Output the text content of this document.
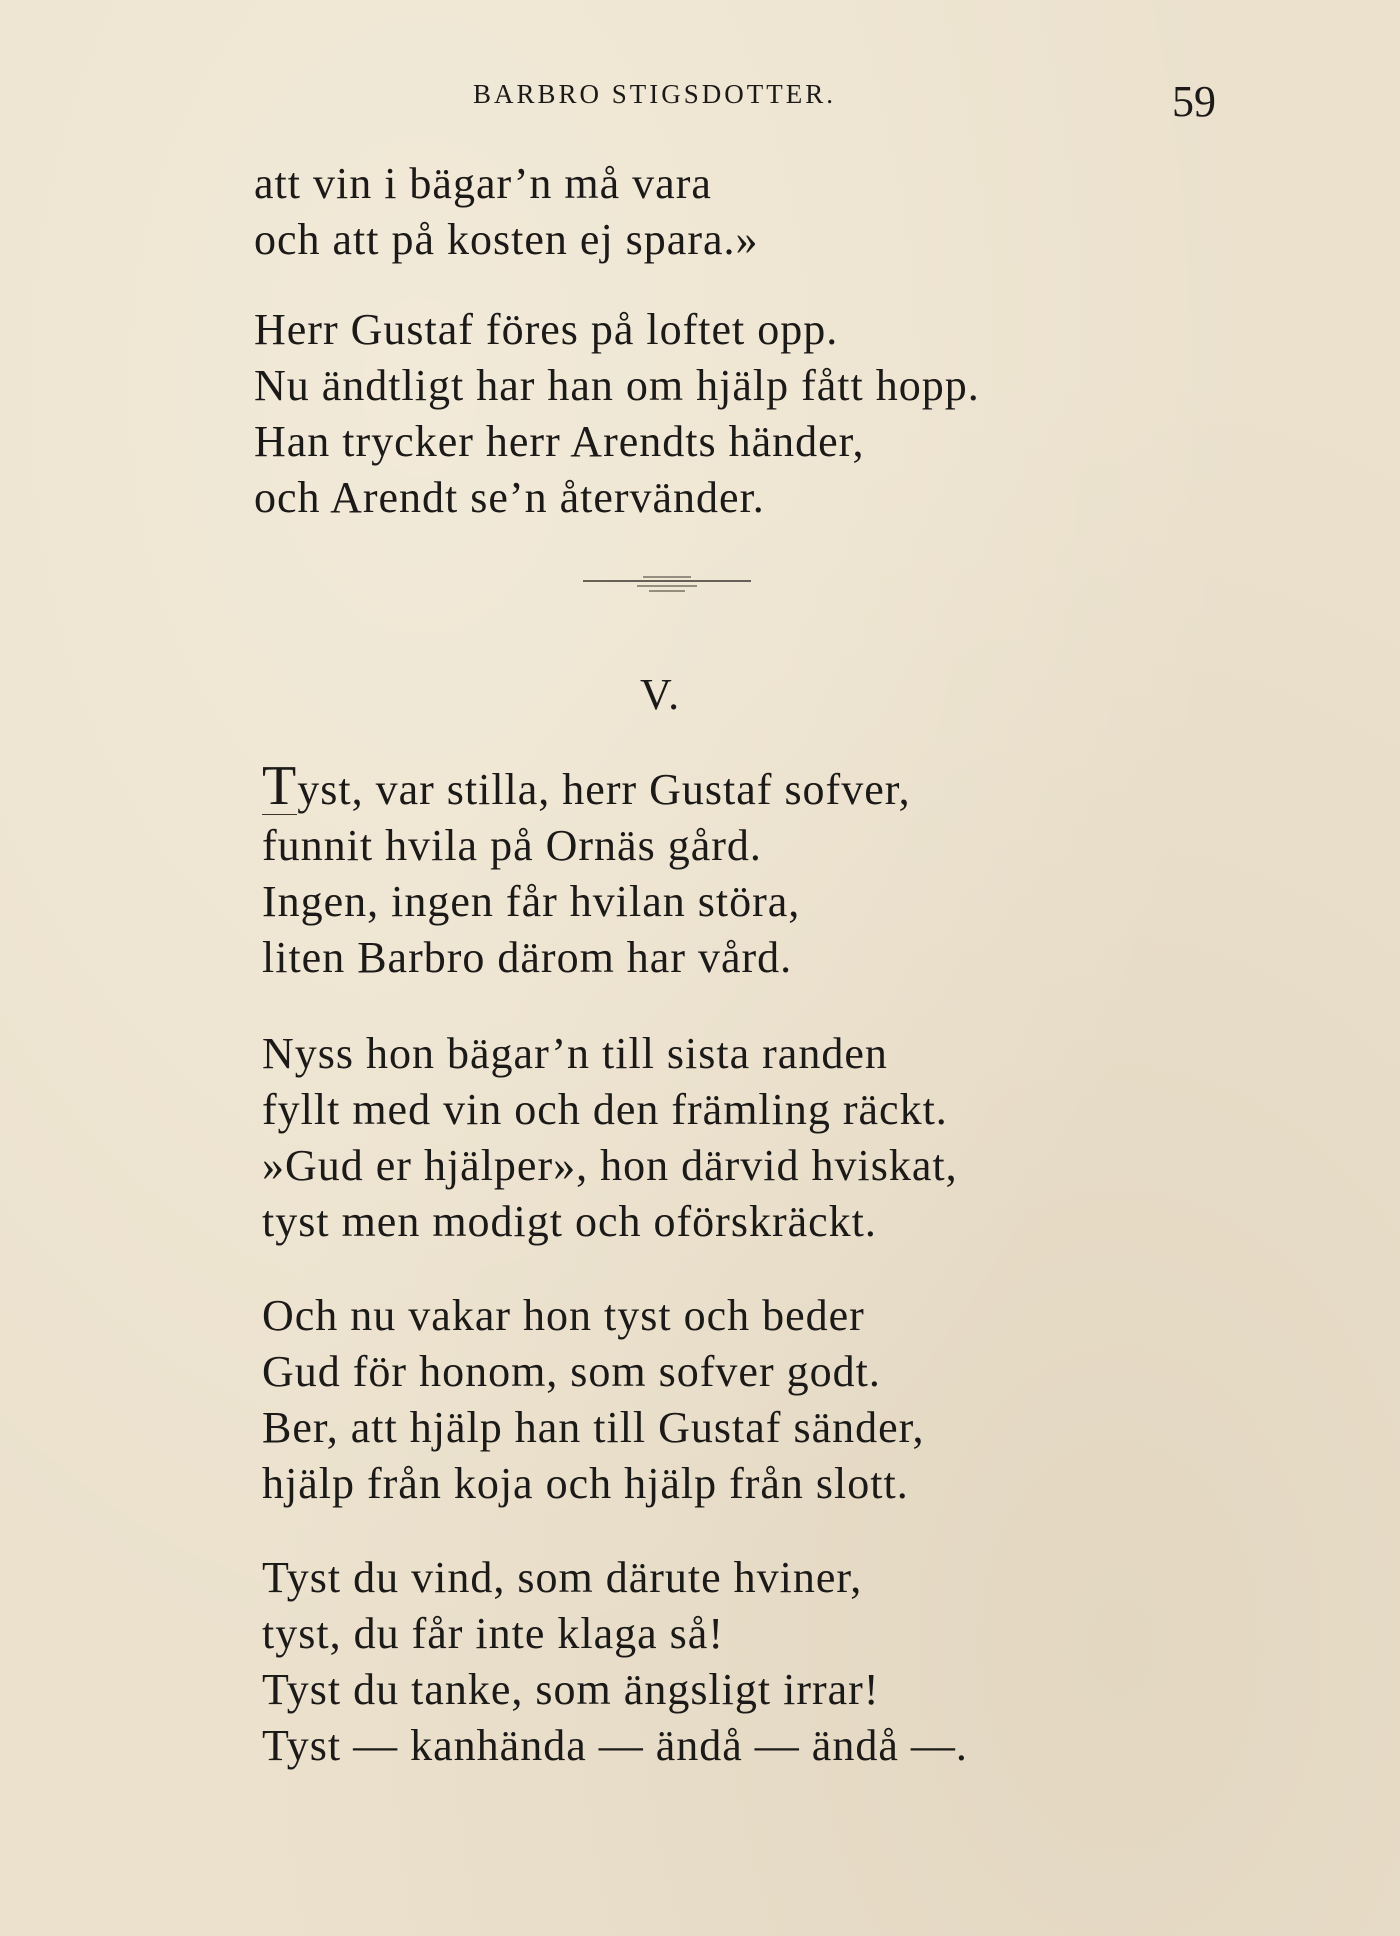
BARBRO STIGSDOTTER.	59
att vin i bägar’n må vara
och att på kosten ej spara.»
Herr Gustaf föres på loftet opp.
Nu ändtligt har han om hjälp fått hopp.
Han trycker herr Arendts händer,
och Arendt se’n återvänder.
V.
Tyst, var stilla, herr Gustaf sofver,
funnit hvila på Ornäs gård.
Ingen, ingen får hvilan störa,
liten Barbro därom har vård.
Nyss hon bägar’n till sista randen
fyllt med vin och den främling räckt.
»Gud er hjälper», hon därvid hviskat,
tyst men modigt och oförskräckt.
Och nu vakar hon tyst och beder
Gud för honom, som sofver godt.
Ber, att hjälp han till Gustaf sänder,
hjälp från koja och hjälp från slott.
Tyst du vind, som därute hviner,
tyst, du får inte klaga så!
Tyst du tanke, som ängsligt irrar!
Tyst — kanhända — ändå — ändå —.
